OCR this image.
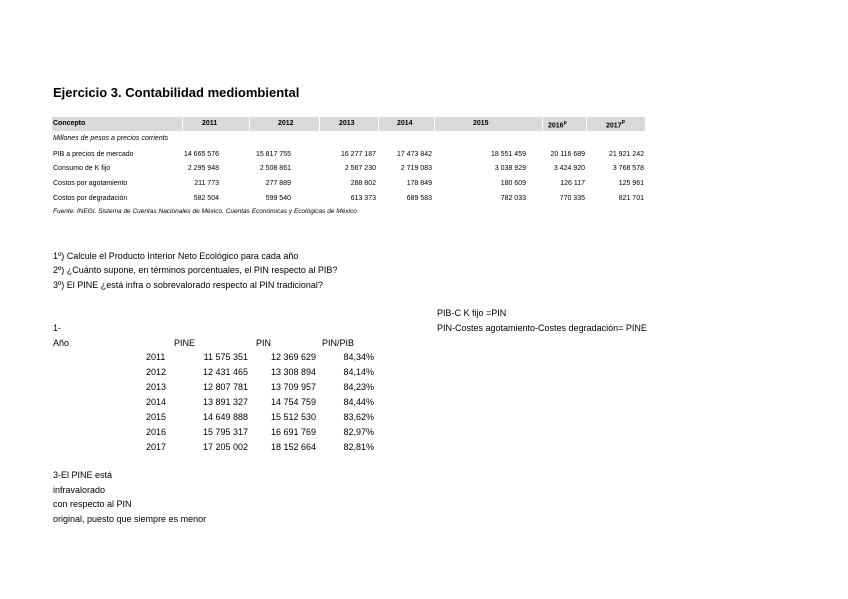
Ejercicio 3. Contabilidad mediombiental
Concepto	2011	2012	2013	2014	2015	2016$^p$	$2017^P$
Millones de pesos a precios corrients
PIB a precios de mercado	14 665 576	15 817 755	16 277 187	17 473 842	18 551 459	20 116 689	21 921 242
Consumo de K fijo	2 295 948	2 508 861	2 567 230	2 719 083	3 038 929	3 424 920	3 768 578
Costos por agotamiento	211 773	277 889	288 802	178 849	180 609	126 117	125 961
Costos por degradación	582 504	599 540	613 373	689 583	782 033	770 335	821 701
Fuente: INEGI. Sistema de Cuentas Nacionales de México. Cuentas Económicas y Ecológicas de México
1º) Calcule el Producto Interior Neto Ecológico para cada año
2º) ¿Cuánto supone, en términos porcentuales, el PIN respecto al PIB?
3º) El PINE ¿está infra o sobrevalorado respecto al PIN tradicional?
PIB-C K fijo =PIN
PIN-Costes agotamiento-Costes degradación= PINE
1-
Año	PINE	PIN	PIN/PIB
2011	11 575 351	12 369 629	84,34%
2012	12 431 465	13 308 894	84,14%
2013	12 807 781	13 709 957	84,23%
2014	13 891 327	14 754 759	84,44%
2015	14 649 888	15 512 530	83,62%
2016	15 795 317	16 691 769	82,97%
2017	17 205 002	18 152 664	82,81%
3-El PINE está
infravalorado
con respecto al PIN
original, puesto que siempre es menor
